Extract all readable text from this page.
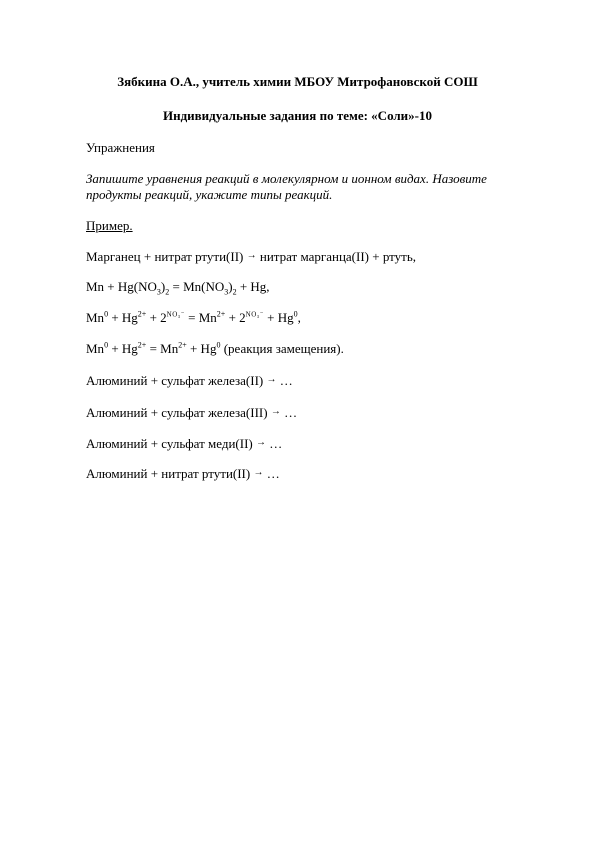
Зябкина О.А., учитель химии МБОУ Митрофановской СОШ
Индивидуальные задания по теме: «Соли»-10
Упражнения
Запишите уравнения реакций в молекулярном и ионном видах. Назовите
продукты реакций, укажите типы реакций.
Пример.
Марганец + нитрат ртути(II) → нитрат марганца(II) + ртуть,
$Mn + Hg(NO_3)_2 = Mn(NO_3)_2 + Hg$,
$Mn^0 + Hg^{2+} + 2^{NO_3^-} = Mn^{2+} + 2^{NO_3^-} + Hg^0$,
$Mn^0 + Hg^{2+} = Mn^{2+} + Hg^0$ (реакция замещения).
Алюминий + сульфат железа(II) → …
Алюминий + сульфат железа(III) → …
Алюминий + сульфат меди(II) → …
Алюминий + нитрат ртути(II) → …
